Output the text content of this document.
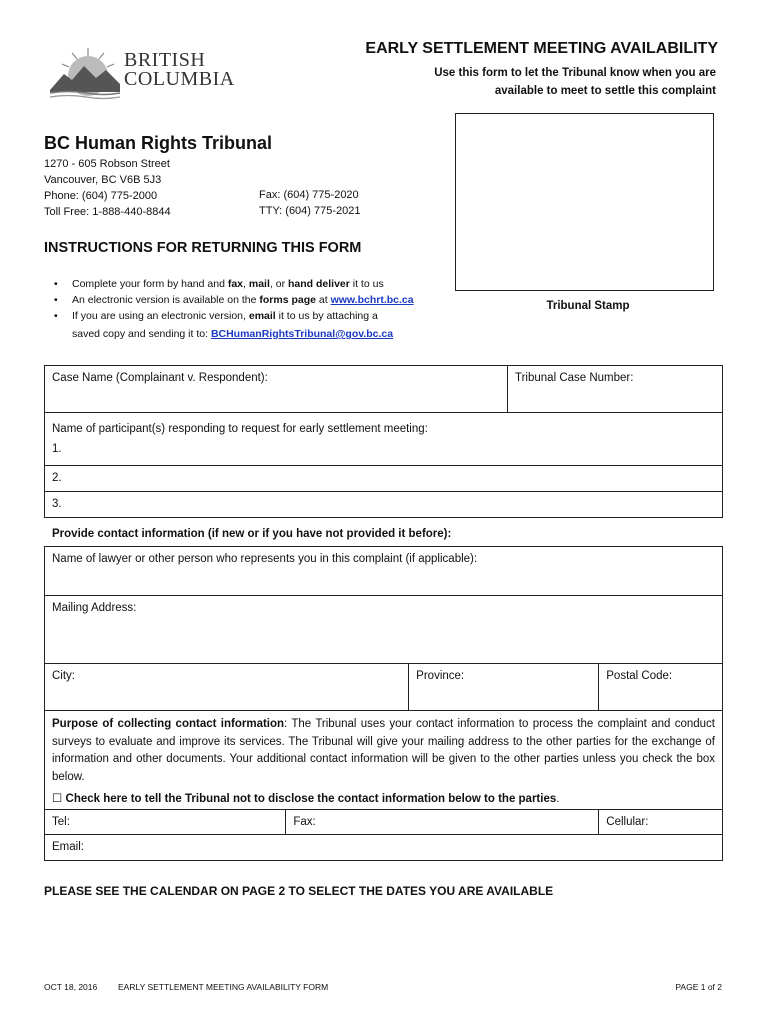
BRITISH
COLUMBIA
EARLY SETTLEMENT MEETING AVAILABILITY
Use this form to let the Tribunal know when you are available to meet to settle this complaint
BC Human Rights Tribunal
1270 - 605 Robson Street
Vancouver, BC V6B 5J3
Phone: (604) 775-2000
Toll Free: 1-888-440-8844
Fax: (604) 775-2020
TTY: (604) 775-2021
Tribunal Stamp
INSTRUCTIONS FOR RETURNING THIS FORM
• Complete your form by hand and fax, mail, or hand deliver it to us
• An electronic version is available on the forms page at www.bchrt.bc.ca
• If you are using an electronic version, email it to us by attaching a
saved copy and sending it to: BCHumanRightsTribunal@gov.bc.ca
Case Name (Complainant v. Respondent):	Tribunal Case Number:

Name of participant(s) responding to request for early settlement meeting:
1.

2.
3.
Provide contact information (if new or if you have not provided it before):
Name of lawyer or other person who represents you in this complaint (if applicable):			
Mailing Address:			
City:		Province:	Postal Code:

Purpose of collecting contact information: The Tribunal uses your contact information to process the complaint and conduct surveys to evaluate and improve its services. The Tribunal will give your mailing address to the other parties for the exchange of information and other documents. Your additional contact information will be given to the other parties unless you check the box below.
☐ Check here to tell the Tribunal not to disclose the contact information below to the parties.			

Tel:	Fax:		Cellular:
Email:			
PLEASE SEE THE CALENDAR ON PAGE 2 TO SELECT THE DATES YOU ARE AVAILABLE
OCT 18, 2016 EARLY SETTLEMENT MEETING AVAILABILITY FORM	PAGE 1 of 2
